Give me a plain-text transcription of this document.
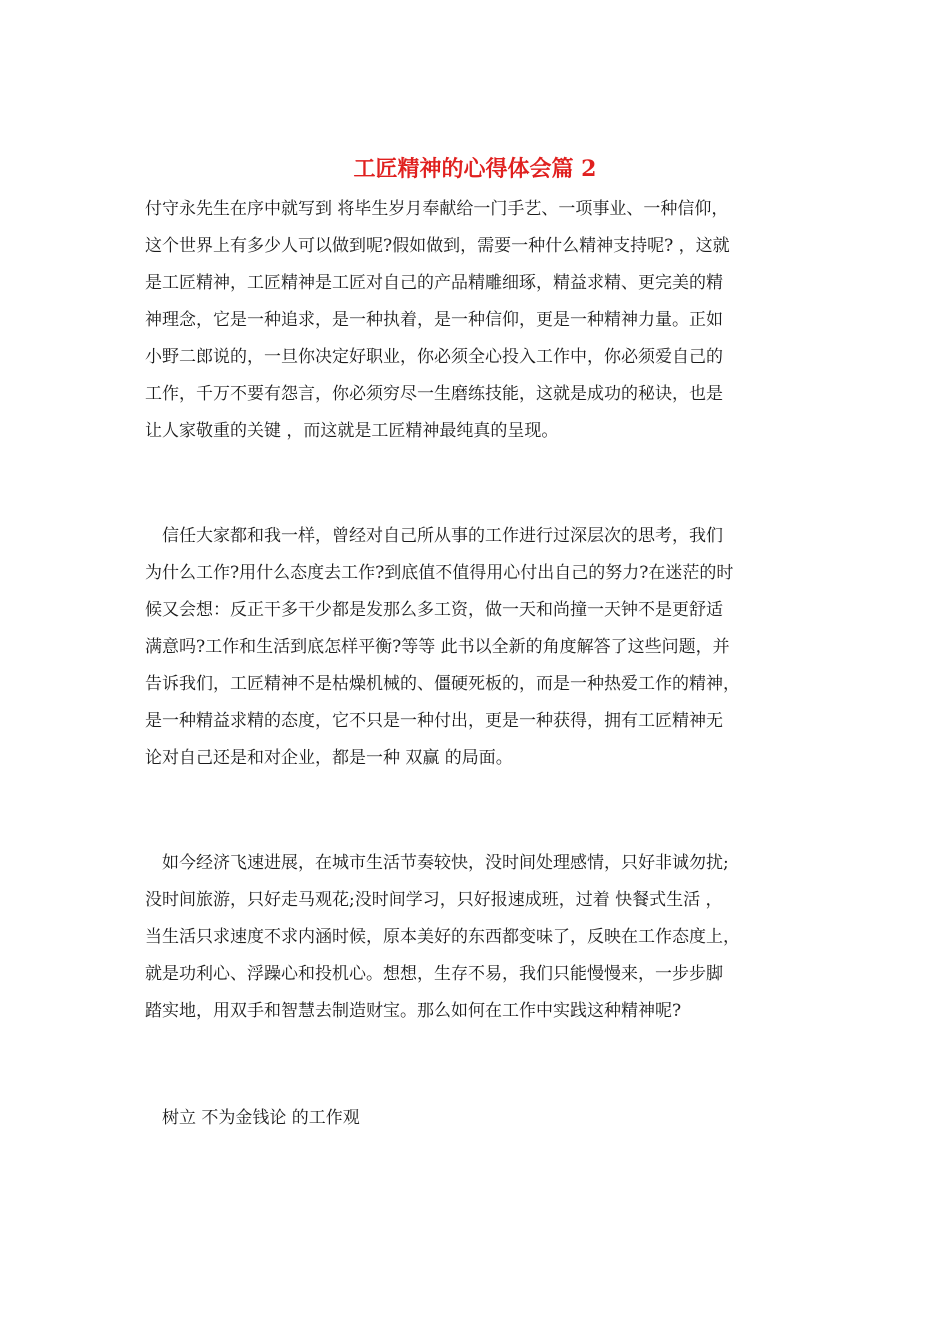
工匠精神的心得体会篇 2

付守永先生在序中就写到 将毕生岁月奉献给一门手艺、一项事业、一种信仰，
这个世界上有多少人可以做到呢?假如做到，需要一种什么精神支持呢? ，这就
是工匠精神，工匠精神是工匠对自己的产品精雕细琢，精益求精、更完美的精
神理念，它是一种追求，是一种执着，是一种信仰，更是一种精神力量。正如
小野二郎说的，一旦你决定好职业，你必须全心投入工作中，你必须爱自己的
工作，千万不要有怨言，你必须穷尽一生磨练技能，这就是成功的秘诀，也是
让人家敬重的关键 ，而这就是工匠精神最纯真的呈现。

　信任大家都和我一样，曾经对自己所从事的工作进行过深层次的思考，我们
为什么工作?用什么态度去工作?到底值不值得用心付出自己的努力?在迷茫的时
候又会想：反正干多干少都是发那么多工资，做一天和尚撞一天钟不是更舒适
满意吗?工作和生活到底怎样平衡?等等 此书以全新的角度解答了这些问题，并
告诉我们，工匠精神不是枯燥机械的、僵硬死板的，而是一种热爱工作的精神，
是一种精益求精的态度，它不只是一种付出，更是一种获得，拥有工匠精神无
论对自己还是和对企业，都是一种 双赢 的局面。

　如今经济飞速进展，在城市生活节奏较快，没时间处理感情，只好非诚勿扰;
没时间旅游，只好走马观花;没时间学习，只好报速成班，过着 快餐式生活 ，
当生活只求速度不求内涵时候，原本美好的东西都变味了，反映在工作态度上，
就是功利心、浮躁心和投机心。想想，生存不易，我们只能慢慢来，一步步脚
踏实地，用双手和智慧去制造财宝。那么如何在工作中实践这种精神呢?

　树立 不为金钱论 的工作观
